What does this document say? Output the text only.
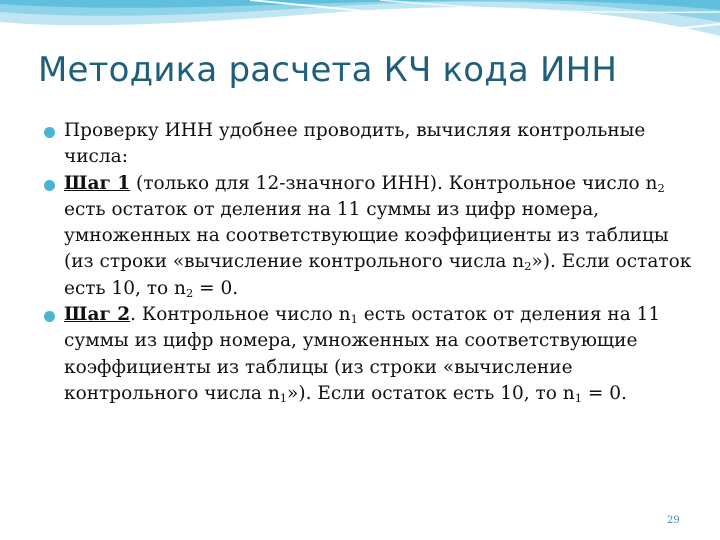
Методика расчета КЧ кода ИНН
Проверку ИНН удобнее проводить, вычисляя контрольные числа:
Шаг 1 (только для 12-значного ИНН). Контрольное число $n_2$ есть остаток от деления на 11 суммы из цифр номера, умноженных на соответствующие коэффициенты из таблицы (из строки «вычисление контрольного числа $n_2$»). Если остаток есть 10, то $n_2 = 0$.
Шаг 2. Контрольное число $n_1$ есть остаток от деления на 11 суммы из цифр номера, умноженных на соответствующие коэффициенты из таблицы (из строки «вычисление контрольного числа $n_1$»). Если остаток есть 10, то $n_1 = 0$.
29
